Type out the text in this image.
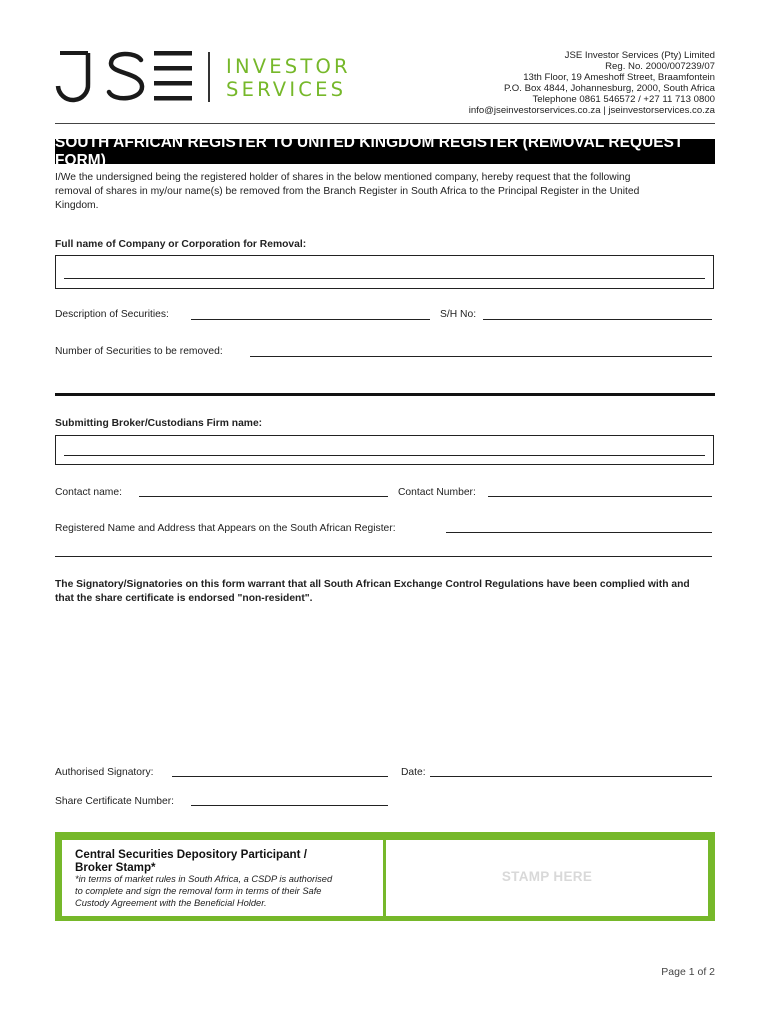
INVESTOR
SERVICES
JSE Investor Services (Pty) Limited
Reg. No. 2000/007239/07
13th Floor, 19 Ameshoff Street, Braamfontein
P.O. Box 4844, Johannesburg, 2000, South Africa
Telephone 0861 546572 / +27 11 713 0800
info@jseinvestorservices.co.za | jseinvestorservices.co.za
SOUTH AFRICAN REGISTER TO UNITED KINGDOM REGISTER (REMOVAL REQUEST FORM)
I/We the undersigned being the registered holder of shares in the below mentioned company, hereby request that the following
removal of shares in my/our name(s) be removed from the Branch Register in South Africa to the Principal Register in the United
Kingdom.
Full name of Company or Corporation for Removal:
Description of Securities:	S/H No:
Number of Securities to be removed:
Submitting Broker/Custodians Firm name:
Contact name:	Contact Number:
Registered Name and Address that Appears on the South African Register:
The Signatory/Signatories on this form warrant that all South African Exchange Control Regulations have been complied with and
that the share certificate is endorsed "non-resident".
Authorised Signatory:	Date:
Share Certificate Number:
Central Securities Depository Participant /
Broker Stamp*
*in terms of market rules in South Africa, a CSDP is authorised
to complete and sign the removal form in terms of their Safe
Custody Agreement with the Beneficial Holder.
STAMP HERE
Page 1 of 2
